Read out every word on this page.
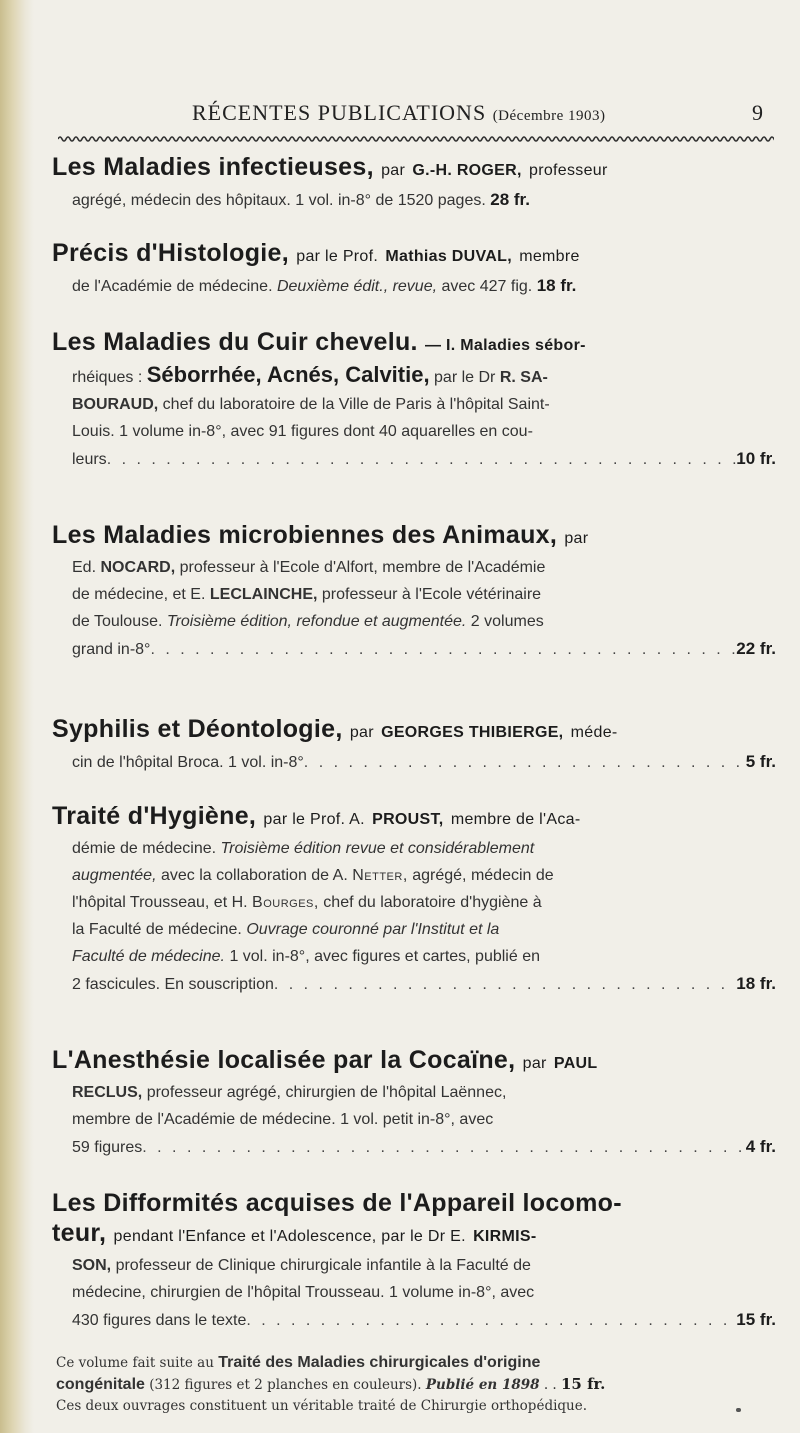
RÉCENTES PUBLICATIONS (Décembre 1903)	9
Les Maladies infectieuses, par G.-H. ROGER, professeur
agrégé, médecin des hôpitaux. 1 vol. in-8° de 1520 pages. 28 fr.
Précis d'Histologie, par le Prof. Mathias DUVAL, membre
de l'Académie de médecine. Deuxième édit., revue, avec 427 fig. 18 fr.
Les Maladies du Cuir chevelu. — I. Maladies sébor-
rhéiques : Séborrhée, Acnés, Calvitie, par le Dr R. SA-
BOURAUD, chef du laboratoire de la Ville de Paris à l'hôpital Saint-
Louis. 1 volume in-8°, avec 91 figures dont 40 aquarelles en cou-
leurs . . .	10 fr.
Les Maladies microbiennes des Animaux, par
Ed. NOCARD, professeur à l'Ecole d'Alfort, membre de l'Académie
de médecine, et E. LECLAINCHE, professeur à l'Ecole vétérinaire
de Toulouse. Troisième édition, refondue et augmentée. 2 volumes
grand in-8° . . .	22 fr.
Syphilis et Déontologie, par GEORGES THIBIERGE, méde-
cin de l'hôpital Broca. 1 vol. in-8° . . .	5 fr.
Traité d'Hygiène, par le Prof. A. PROUST, membre de l'Aca-
démie de médecine. Troisième édition revue et considérablement
augmentée, avec la collaboration de A. Netter, agrégé, médecin de
l'hôpital Trousseau, et H. Bourges, chef du laboratoire d'hygiène à
la Faculté de médecine. Ouvrage couronné par l'Institut et la
Faculté de médecine. 1 vol. in-8°, avec figures et cartes, publié en
2 fascicules. En souscription . . .	18 fr.
L'Anesthésie localisée par la Cocaïne, par PAUL
RECLUS, professeur agrégé, chirurgien de l'hôpital Laënnec,
membre de l'Académie de médecine. 1 vol. petit in-8°, avec
59 figures . . .	4 fr.
Les Difformités acquises de l'Appareil locomo-
teur, pendant l'Enfance et l'Adolescence, par le Dr E. KIRMIS-
SON, professeur de Clinique chirurgicale infantile à la Faculté de
médecine, chirurgien de l'hôpital Trousseau. 1 volume in-8°, avec
430 figures dans le texte . . .	15 fr.
Ce volume fait suite au Traité des Maladies chirurgicales d'origine
congénitale (312 figures et 2 planches en couleurs). Publié en 1898 . . 15 fr.
Ces deux ouvrages constituent un véritable traité de Chirurgie orthopédique.
